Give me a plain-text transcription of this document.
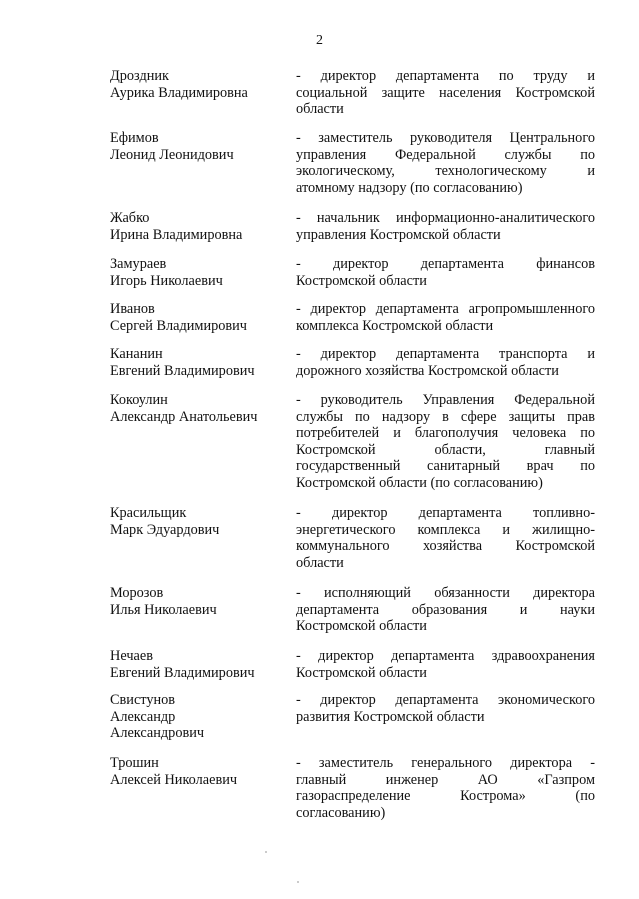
2
Дроздник
Аурика Владимировна
- директор департамента по труду и
социальной защите населения Костромской
области
Ефимов
Леонид Леонидович
- заместитель руководителя Центрального
управления Федеральной службы по
экологическому, технологическому и
атомному надзору (по согласованию)
Жабко
Ирина Владимировна
- начальник информационно-аналитического
управления Костромской области
Замураев
Игорь Николаевич
- директор департамента финансов
Костромской области
Иванов
Сергей Владимирович
- директор департамента агропромышленного
комплекса Костромской области
Кананин
Евгений Владимирович
- директор департамента транспорта и
дорожного хозяйства Костромской области
Кокоулин
Александр Анатольевич
- руководитель Управления Федеральной
службы по надзору в сфере защиты прав
потребителей и благополучия человека по
Костромской области, главный
государственный санитарный врач по
Костромской области (по согласованию)
Красильщик
Марк Эдуардович
- директор департамента топливно-
энергетического комплекса и жилищно-
коммунального хозяйства Костромской
области
Морозов
Илья Николаевич
- исполняющий обязанности директора
департамента образования и науки
Костромской области
Нечаев
Евгений Владимирович
- директор департамента здравоохранения
Костромской области
Свистунов
Александр
Александрович
- директор департамента экономического
развития Костромской области
Трошин
Алексей Николаевич
- заместитель генерального директора -
главный инженер АО «Газпром
газораспределение Кострома» (по
согласованию)
